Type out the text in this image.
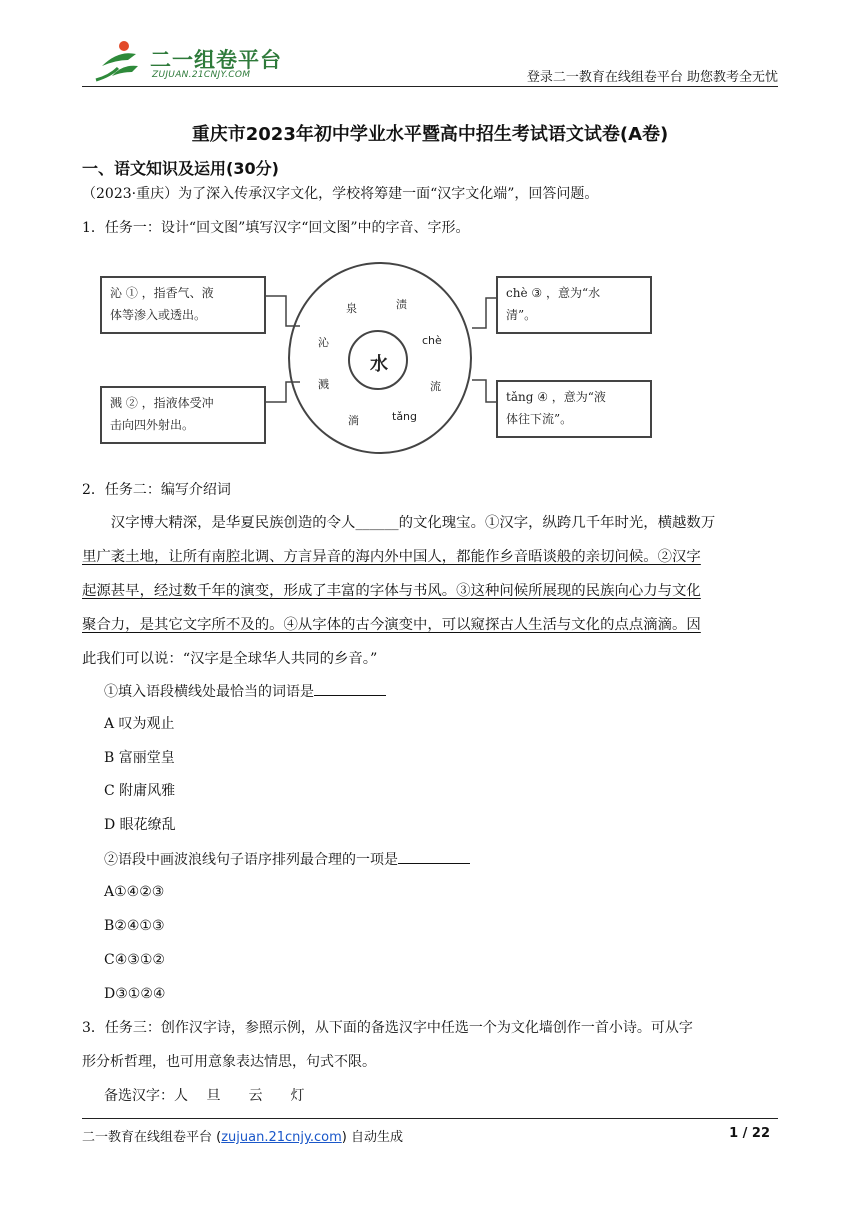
二一组卷平台
ZUJUAN.21CNJY.COM	登录二一教育在线组卷平台 助您教考全无忧
重庆市2023年初中学业水平暨高中招生考试语文试卷(A卷)
一、语文知识及运用(30分)
（2023·重庆）为了深入传承汉字文化，学校将筹建一面“汉字文化端”，回答问题。
1．任务一：设计“回文图”填写汉字“回文图”中的字音、字形。
沁 ① ，指香气、液
体等渗入或透出。
chè ③ ，意为“水
清”。
溅 ② ，指液体受冲
击向四外射出。
tǎng ④ ，意为“液
体往下流”。
水
泉	渍
沁	chè
溅	流
淌	tǎng
2．任务二：编写介绍词
汉字博大精深，是华夏民族创造的令人______的文化瑰宝。①汉字，纵跨几千年时光，横越数万
里广袤土地，让所有南腔北调、方言异音的海内外中国人，都能作乡音晤谈般的亲切问候。②汉字
起源甚早，经过数千年的演变，形成了丰富的字体与书风。③这种问候所展现的民族向心力与文化
聚合力，是其它文字所不及的。④从字体的古今演变中，可以窥探古人生活与文化的点点滴滴。因
此我们可以说：“汉字是全球华人共同的乡音。”
①填入语段横线处最恰当的词语是
A 叹为观止
B 富丽堂皇
C 附庸风雅
D 眼花缭乱
②语段中画波浪线句子语序排列最合理的一项是
A①④②③
B②④①③
C④③①②
D③①②④
3．任务三：创作汉字诗，参照示例，从下面的备选汉字中任选一个为文化墙创作一首小诗。可从字
形分析哲理，也可用意象表达情思，句式不限。
备选汉字：人　 旦　　云　　灯
二一教育在线组卷平台 (zujuan.21cnjy.com) 自动生成	1 / 22
